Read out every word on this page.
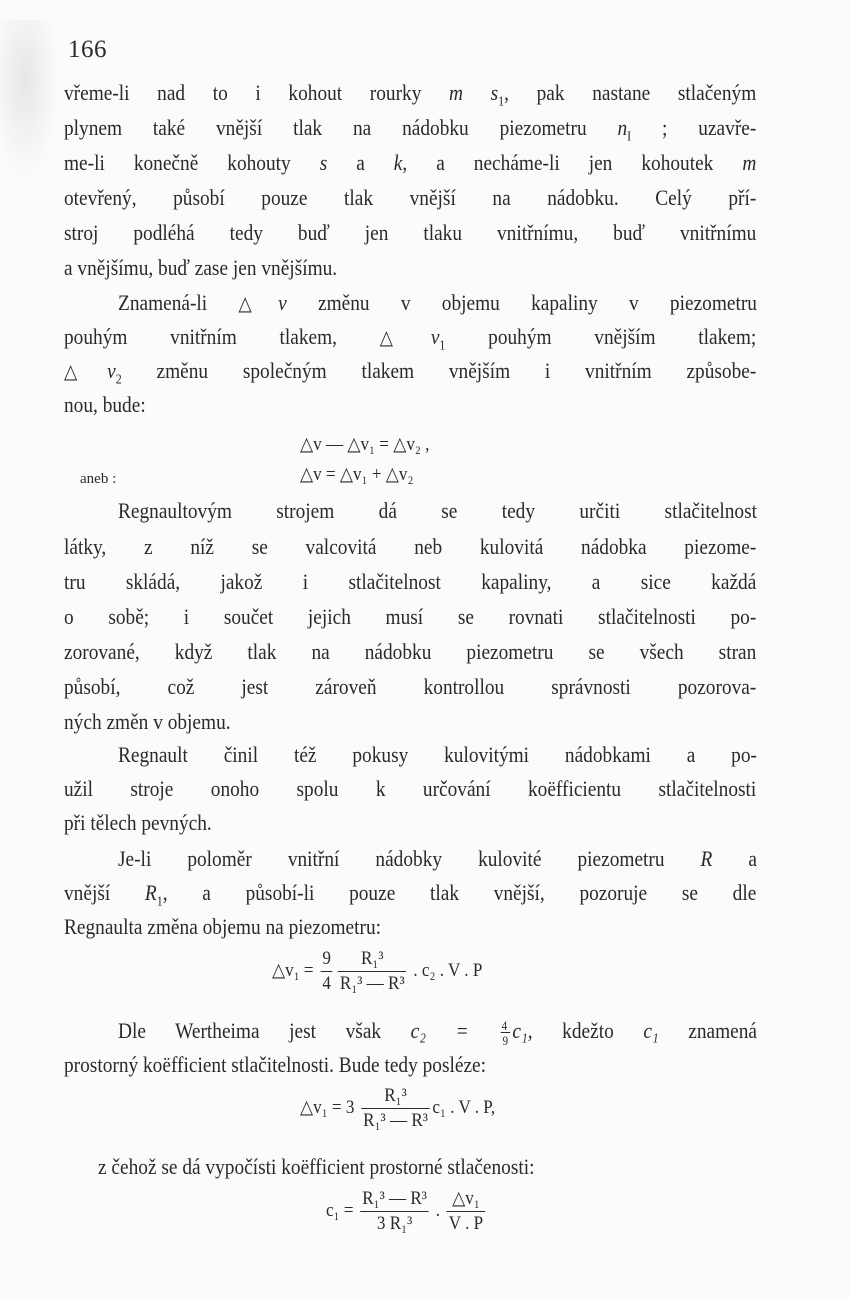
166
vřeme-li nad to i kohout rourky m $s_1$, pak nastane stlačeným
plynem také vnější tlak na nádobku piezometru $n_I$ ; uzavře-
me-li konečně kohouty s a k, a necháme-li jen kohoutek m
otevřený, působí pouze tlak vnější na nádobku. Celý pří-
stroj podléhá tedy buď jen tlaku vnitřnímu, buď vnitřnímu
a vnějšímu, buď zase jen vnějšímu.
Znamená-li △v změnu v objemu kapaliny v piezometru
pouhým vnitřním tlakem, $\triangle v_1$ pouhým vnějším tlakem;
$\triangle v_2$ změnu společným tlakem vnějším i vnitřním způsobe-
nou, bude:
△v — △v₁ = △v₂ ,
aneb :	△v = △v₁ + △v₂
Regnaultovým strojem dá se tedy určiti stlačitelnost
látky, z níž se valcovitá neb kulovitá nádobka piezome-
tru skládá, jakož i stlačitelnost kapaliny, a sice každá
o sobě; i součet jejich musí se rovnati stlačitelnosti po-
zorované, když tlak na nádobku piezometru se všech stran
působí, což jest zároveň kontrollou správnosti pozorova-
ných změn v objemu.
Regnault činil též pokusy kulovitými nádobkami a po-
užil stroje onoho spolu k určování koëfficientu stlačitelnosti
při tělech pevných.
Je-li poloměr vnitřní nádobky kulovité piezometru R a
vnější $R_1$, a působí-li pouze tlak vnější, pozoruje se dle
Regnaulta změna objemu na piezometru:
△v₁ = $\frac{9}{4} \frac{\text{R₁³}}{\text{R₁³ — R³}}$ . c₂ . V . P
Dle Wertheima jest však $c_2 = \frac{4}{9} c_1$, kdežto c₁ znamená
prostorný koëfficient stlačitelnosti. Bude tedy posléze:
△v₁ = $3 \frac{\text{R₁³}}{\text{R₁³ — R³}} c_1$ . V . P,
z čehož se dá vypočísti koëfficient prostorné stlačenosti:
$c_1 = \frac{\text{R₁³ — R³}}{\text{3 R₁³}}$ . $\frac{\text{△v₁}}{V . P}$
